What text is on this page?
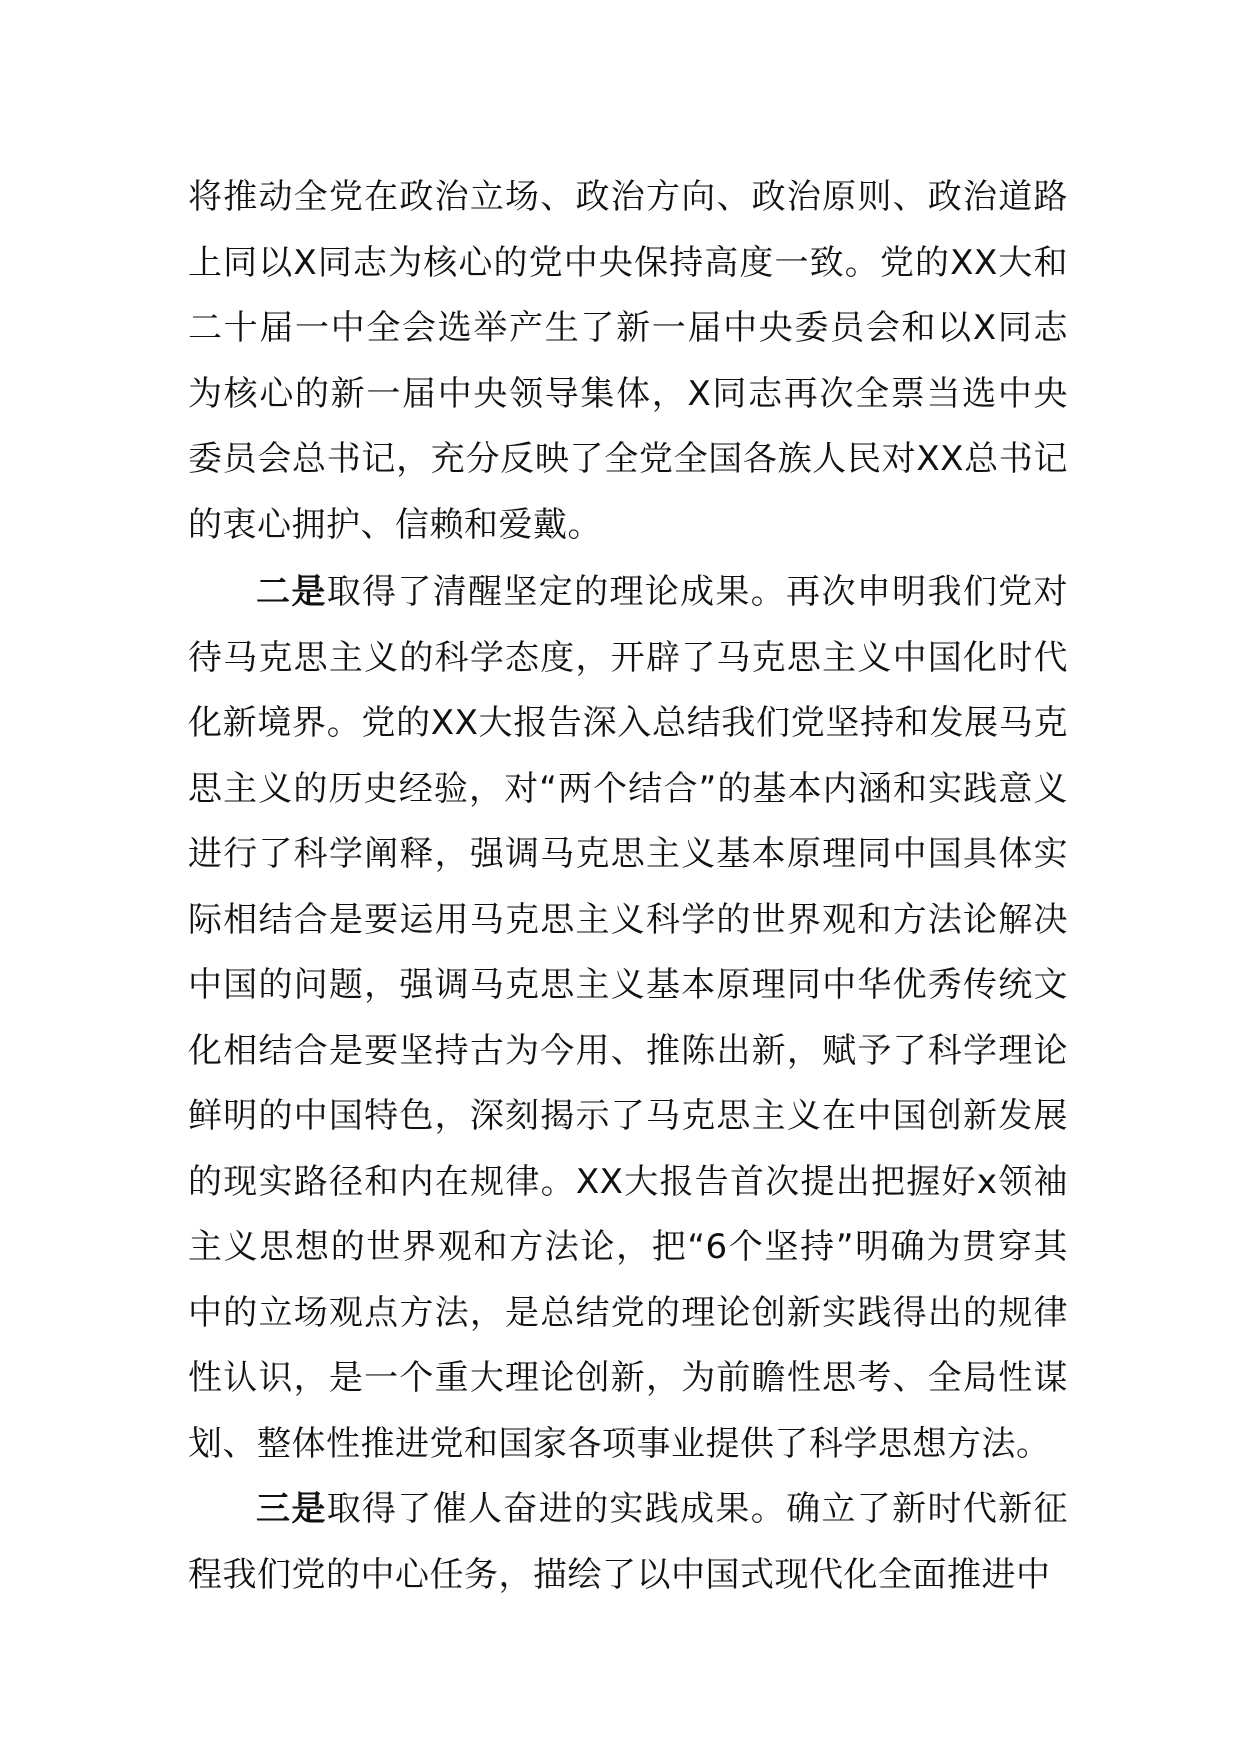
将推动全党在政治立场、政治方向、政治原则、政治道路上同以X同志为核心的党中央保持高度一致。党的XX大和二十届一中全会选举产生了新一届中央委员会和以X同志为核心的新一届中央领导集体，X同志再次全票当选中央委员会总书记，充分反映了全党全国各族人民对XX总书记的衷心拥护、信赖和爱戴。

二是取得了清醒坚定的理论成果。再次申明我们党对待马克思主义的科学态度，开辟了马克思主义中国化时代化新境界。党的XX大报告深入总结我们党坚持和发展马克思主义的历史经验，对“两个结合”的基本内涵和实践意义进行了科学阐释，强调马克思主义基本原理同中国具体实际相结合是要运用马克思主义科学的世界观和方法论解决中国的问题，强调马克思主义基本原理同中华优秀传统文化相结合是要坚持古为今用、推陈出新，赋予了科学理论鲜明的中国特色，深刻揭示了马克思主义在中国创新发展的现实路径和内在规律。XX大报告首次提出把握好x领袖主义思想的世界观和方法论，把“6个坚持”明确为贯穿其中的立场观点方法，是总结党的理论创新实践得出的规律性认识，是一个重大理论创新，为前瞻性思考、全局性谋划、整体性推进党和国家各项事业提供了科学思想方法。

三是取得了催人奋进的实践成果。确立了新时代新征程我们党的中心任务，描绘了以中国式现代化全面推进中
